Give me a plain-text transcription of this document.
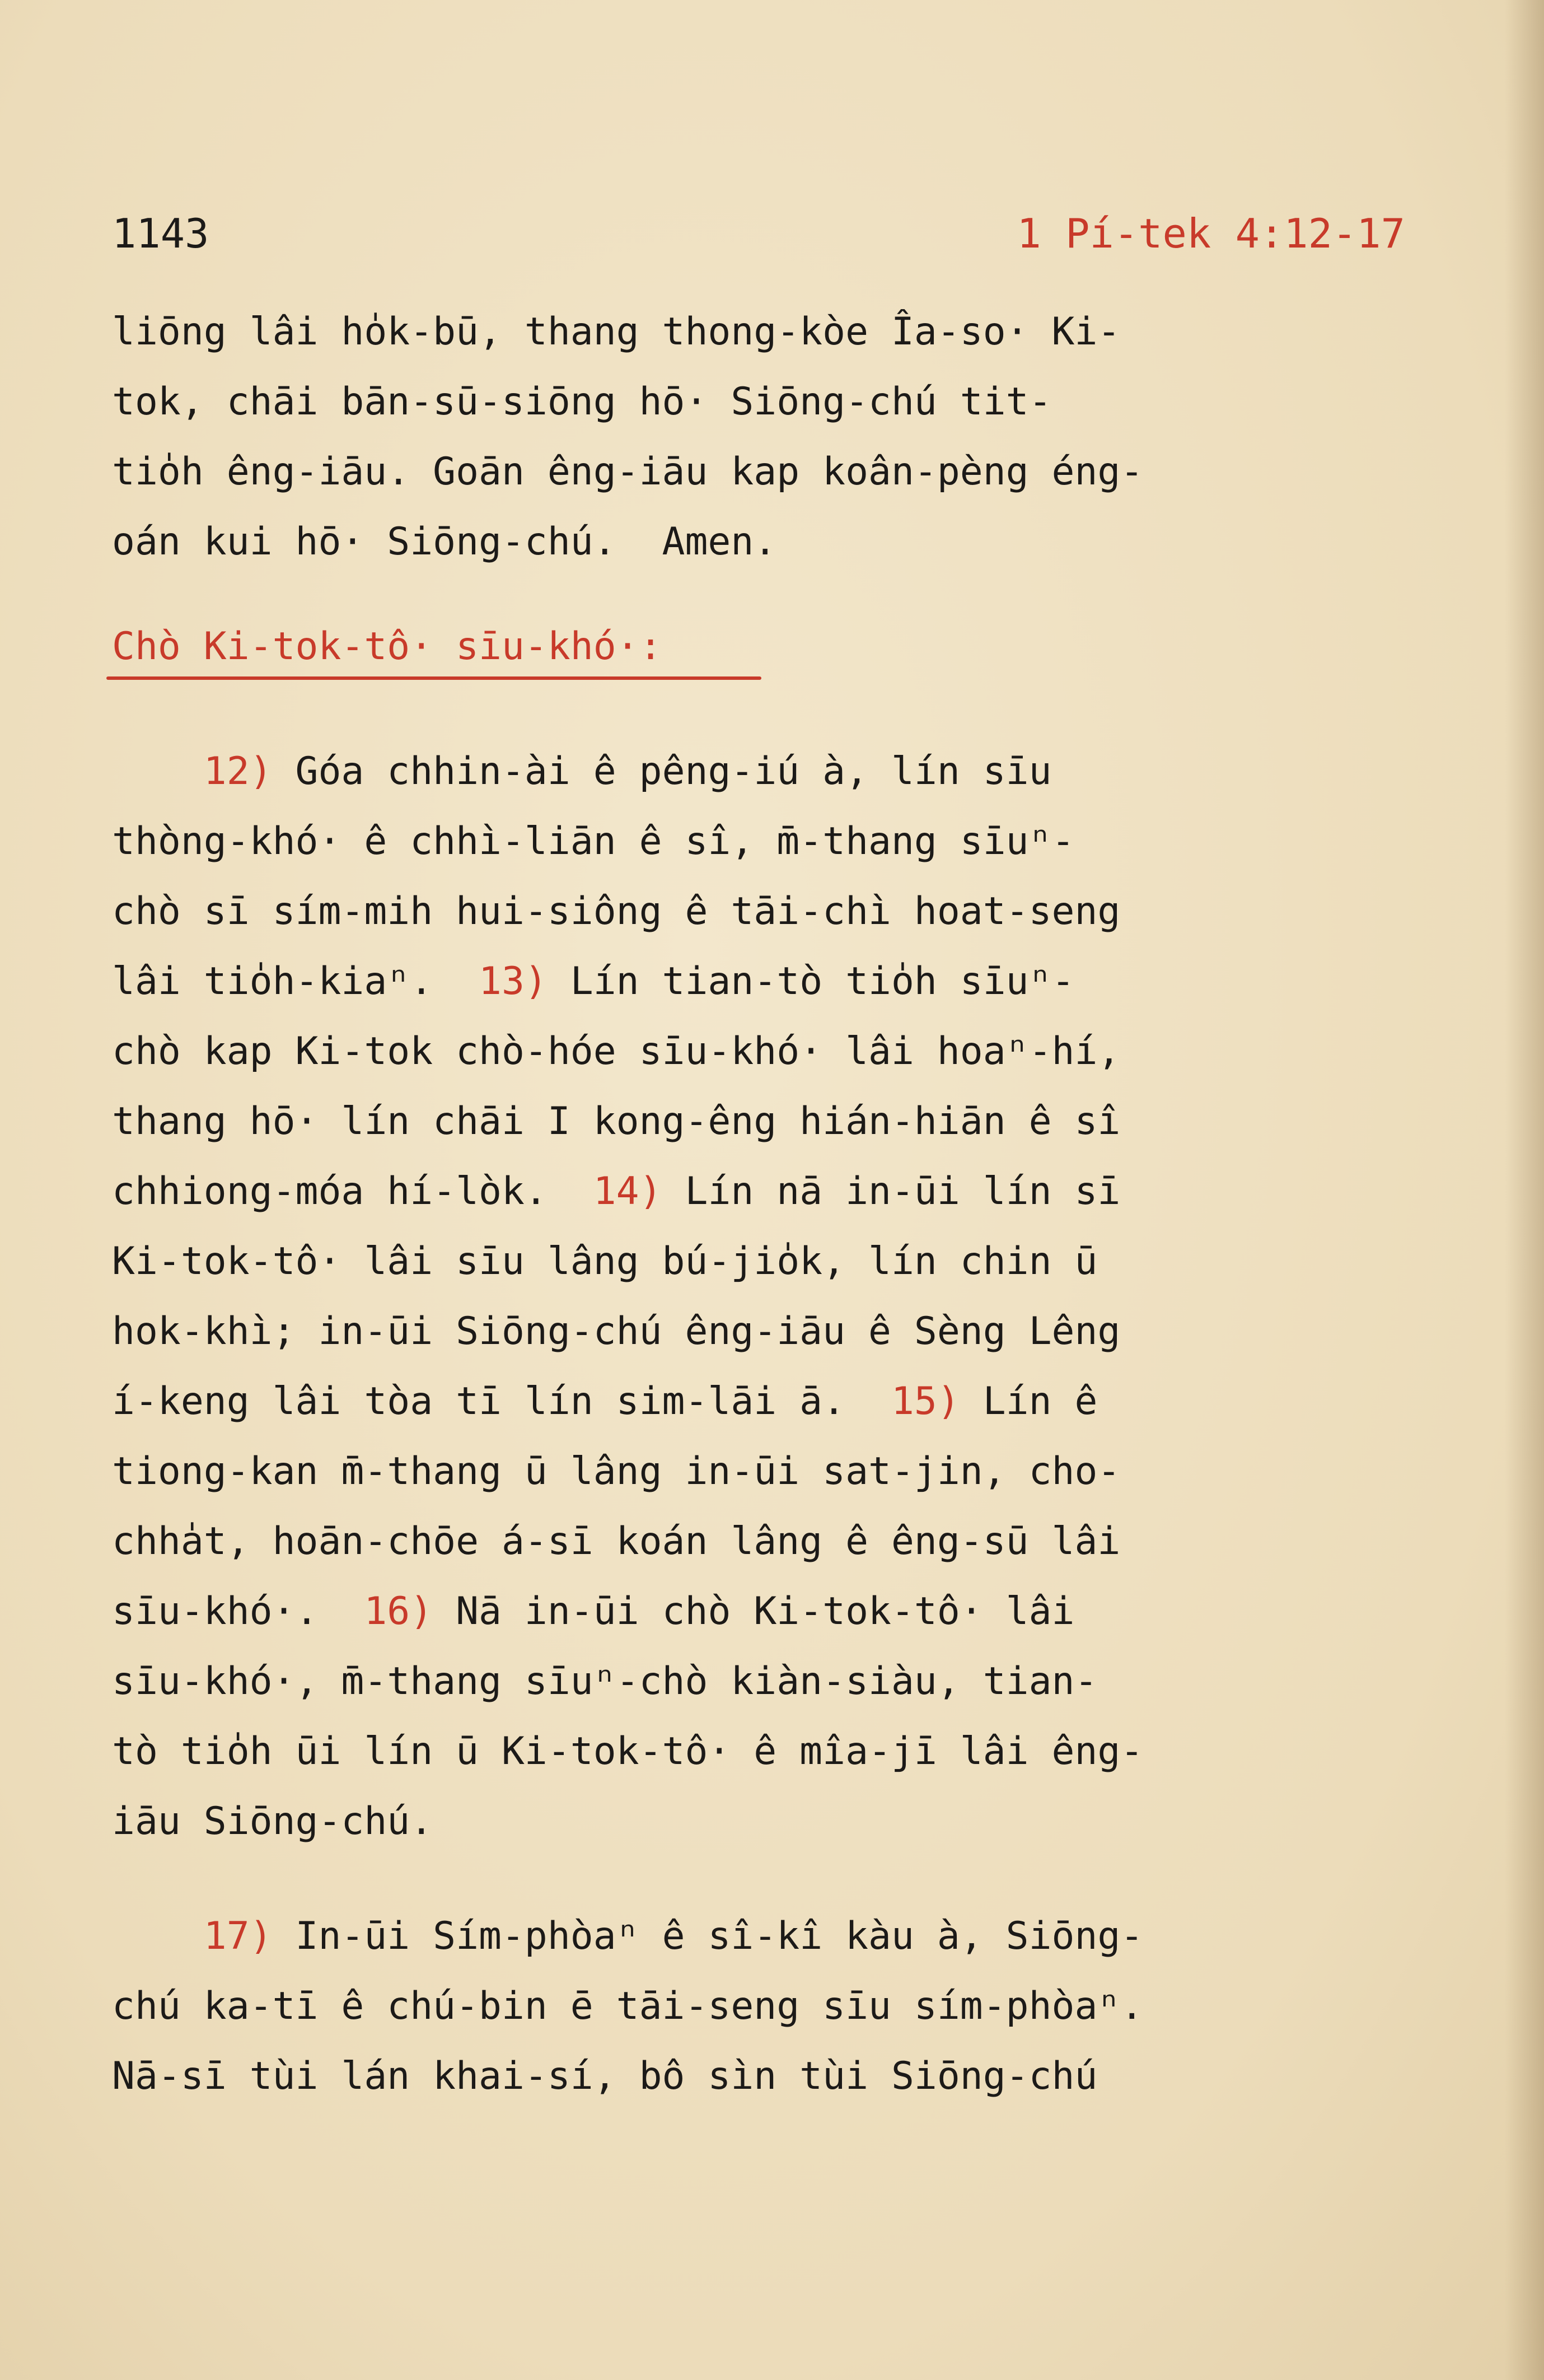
1143	1 Pí-tek 4:12-17
liōng lâi ho̍k-bū, thang thong-kòe Îa-so· Ki-
tok, chāi bān-sū-siōng hō· Siōng-chú tit-
tio̍h êng-iāu. Goān êng-iāu kap koân-pèng éng-
oán kui hō· Siōng-chú.  Amen.
Chò Ki-tok-tô· sīu-khó·:
12) Góa chhin-ài ê pêng-iú à, lín sīu
thòng-khó· ê chhì-liān ê sî, m̄-thang sīuⁿ-
chò sī sím-mih hui-siông ê tāi-chì hoat-seng
lâi tio̍h-kiaⁿ.  13) Lín tian-tò tio̍h sīuⁿ-
chò kap Ki-tok chò-hóe sīu-khó· lâi hoaⁿ-hí,
thang hō· lín chāi I kong-êng hián-hiān ê sî
chhiong-móa hí-lòk.  14) Lín nā in-ūi lín sī
Ki-tok-tô· lâi sīu lâng bú-jio̍k, lín chin ū
hok-khì; in-ūi Siōng-chú êng-iāu ê Sèng Lêng
í-keng lâi tòa tī lín sim-lāi ā.  15) Lín ê
tiong-kan m̄-thang ū lâng in-ūi sat-jin, cho-
chha̍t, hoān-chōe á-sī koán lâng ê êng-sū lâi
sīu-khó·.  16) Nā in-ūi chò Ki-tok-tô· lâi
sīu-khó·, m̄-thang sīuⁿ-chò kiàn-siàu, tian-
tò tio̍h ūi lín ū Ki-tok-tô· ê mîa-jī lâi êng-
iāu Siōng-chú.
17) In-ūi Sím-phòaⁿ ê sî-kî kàu à, Siōng-
chú ka-tī ê chú-bin ē tāi-seng sīu sím-phòaⁿ.
Nā-sī tùi lán khai-sí, bô sìn tùi Siōng-chú
